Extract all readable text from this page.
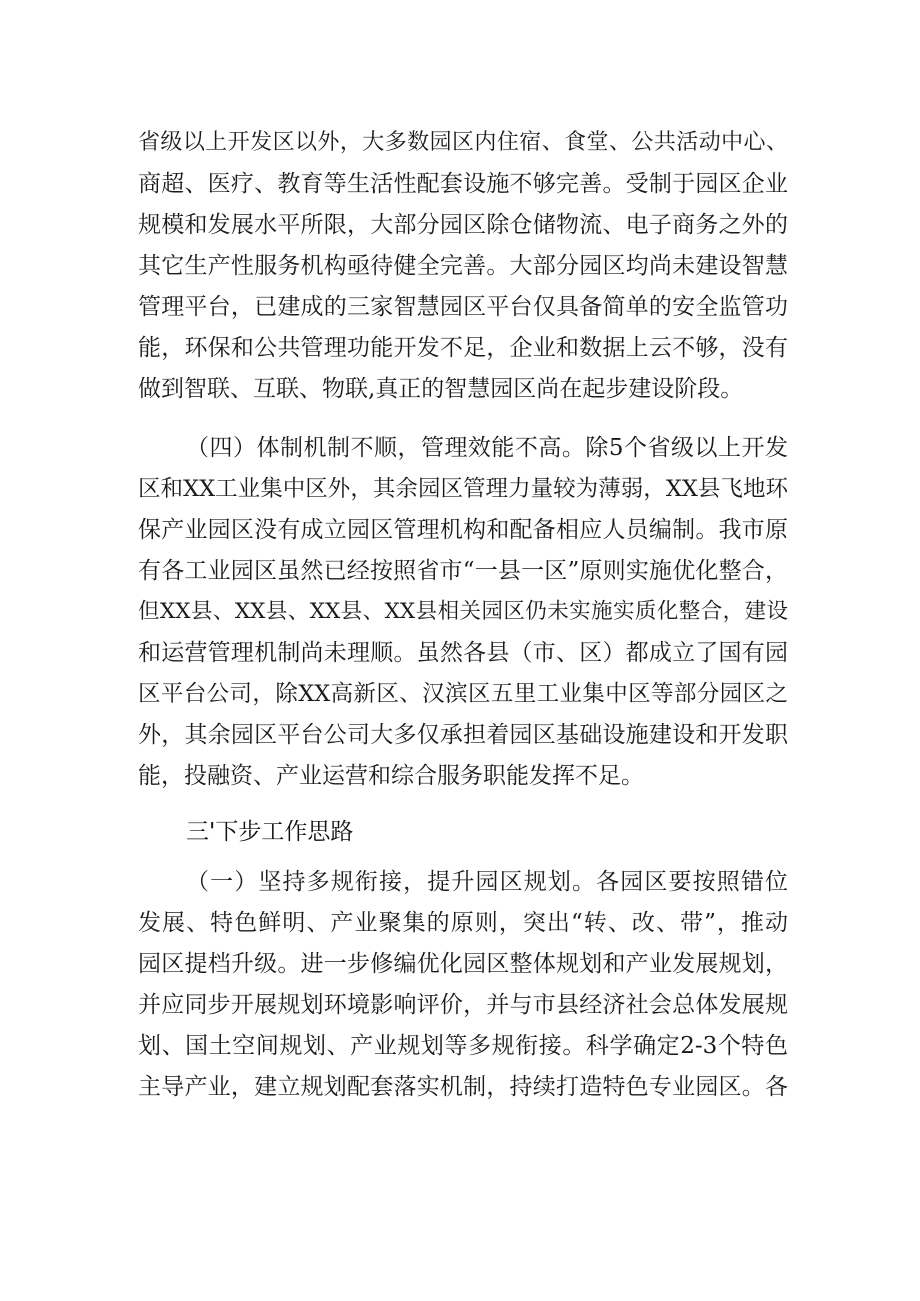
省级以上开发区以外，大多数园区内住宿、食堂、公共活动中心、
商超、医疗、教育等生活性配套设施不够完善。受制于园区企业
规模和发展水平所限，大部分园区除仓储物流、电子商务之外的
其它生产性服务机构亟待健全完善。大部分园区均尚未建设智慧
管理平台，已建成的三家智慧园区平台仅具备简单的安全监管功
能，环保和公共管理功能开发不足，企业和数据上云不够，没有
做到智联、互联、物联,真正的智慧园区尚在起步建设阶段。
（四）体制机制不顺，管理效能不高。除5个省级以上开发
区和XX工业集中区外，其余园区管理力量较为薄弱，XX县飞地环
保产业园区没有成立园区管理机构和配备相应人员编制。我市原
有各工业园区虽然已经按照省市“一县一区”原则实施优化整合，
但XX县、XX县、XX县、XX县相关园区仍未实施实质化整合，建设
和运营管理机制尚未理顺。虽然各县（市、区）都成立了国有园
区平台公司，除XX高新区、汉滨区五里工业集中区等部分园区之
外，其余园区平台公司大多仅承担着园区基础设施建设和开发职
能，投融资、产业运营和综合服务职能发挥不足。
三'下步工作思路
（一）坚持多规衔接，提升园区规划。各园区要按照错位
发展、特色鲜明、产业聚集的原则，突出“转、改、带”，推动
园区提档升级。进一步修编优化园区整体规划和产业发展规划，
并应同步开展规划环境影响评价，并与市县经济社会总体发展规
划、国土空间规划、产业规划等多规衔接。科学确定2-3个特色
主导产业，建立规划配套落实机制，持续打造特色专业园区。各
